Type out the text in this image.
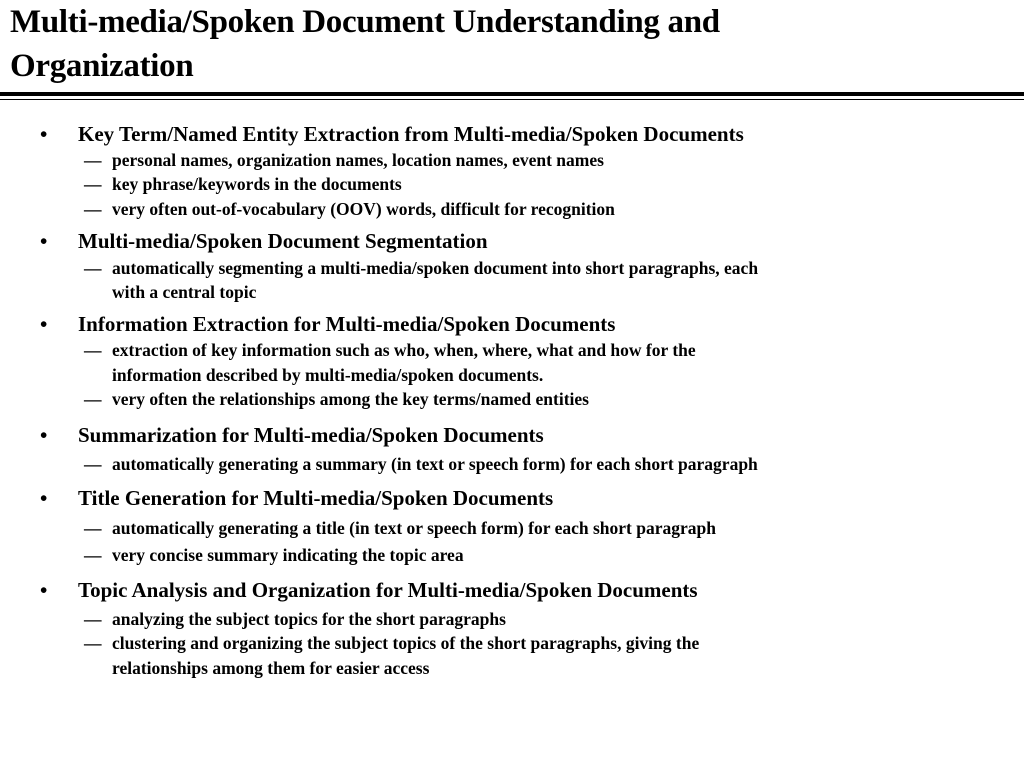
Multi-media/Spoken Document Understanding and
Organization
• Key Term/Named Entity Extraction from Multi-media/Spoken Documents
— personal names, organization names, location names, event names
— key phrase/keywords in the documents
— very often out-of-vocabulary (OOV) words, difficult for recognition
• Multi-media/Spoken Document Segmentation
— automatically segmenting a multi-media/spoken document into short paragraphs, each
with a central topic
• Information Extraction for Multi-media/Spoken Documents
— extraction of key information such as who, when, where, what and how for the
information described by multi-media/spoken documents.
— very often the relationships among the key terms/named entities
• Summarization for Multi-media/Spoken Documents
— automatically generating a summary (in text or speech form) for each short paragraph
• Title Generation for Multi-media/Spoken Documents
— automatically generating a title (in text or speech form) for each short paragraph
— very concise summary indicating the topic area
• Topic Analysis and Organization for Multi-media/Spoken Documents
— analyzing the subject topics for the short paragraphs
— clustering and organizing the subject topics of the short paragraphs, giving the
relationships among them for easier access
